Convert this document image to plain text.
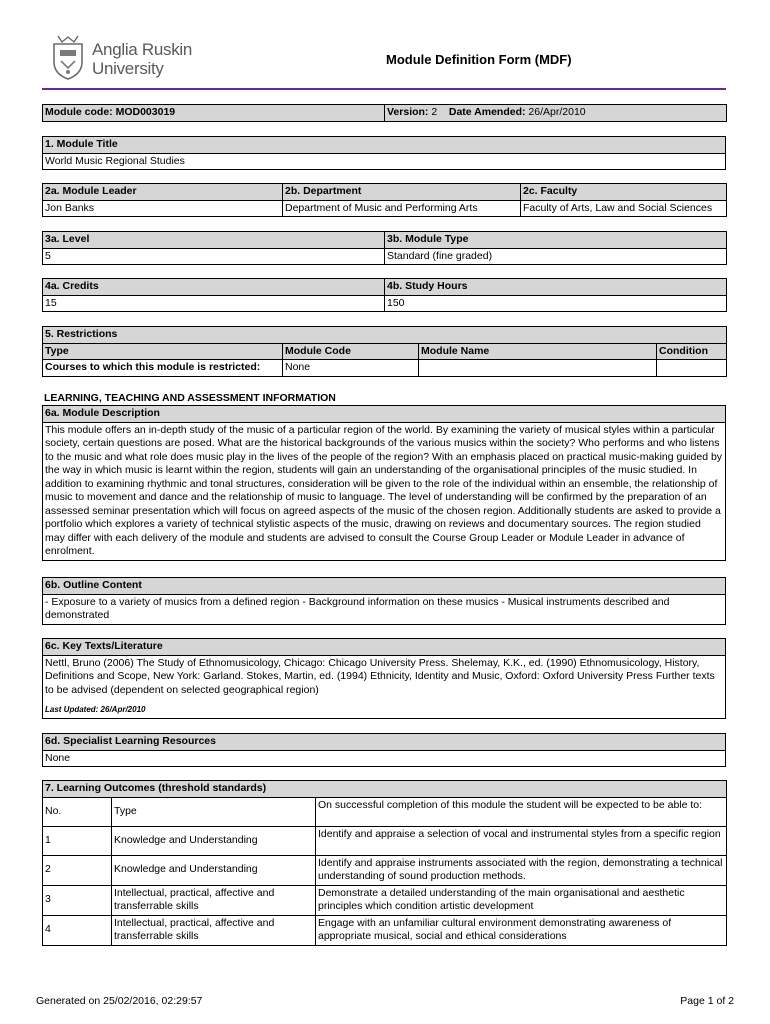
Anglia Ruskin
University	Module Definition Form (MDF)
Module code: MOD003019	Version: 2 Date Amended: 26/Apr/2010
1. Module Title
World Music Regional Studies
2a. Module Leader	2b. Department	2c. Faculty
Jon Banks	Department of Music and Performing Arts	Faculty of Arts, Law and Social Sciences
3a. Level	3b. Module Type
5	Standard (fine graded)
4a. Credits	4b. Study Hours
15	150
5. Restrictions			
Type	Module Code	Module Name	Condition
Courses to which this module is restricted:	None		
LEARNING, TEACHING AND ASSESSMENT INFORMATION
6a. Module Description
This module offers an in-depth study of the music of a particular region of the world. By examining the variety of musical styles within a particular society, certain questions are posed. What are the historical backgrounds of the various musics within the society? Who performs and who listens to the music and what role does music play in the lives of the people of the region? With an emphasis placed on practical music-making guided by the way in which music is learnt within the region, students will gain an understanding of the organisational principles of the music studied. In addition to examining rhythmic and tonal structures, consideration will be given to the role of the individual within an ensemble, the relationship of music to movement and dance and the relationship of music to language. The level of understanding will be confirmed by the preparation of an assessed seminar presentation which will focus on agreed aspects of the music of the chosen region. Additionally students are asked to provide a portfolio which explores a variety of technical stylistic aspects of the music, drawing on reviews and documentary sources. The region studied may differ with each delivery of the module and students are advised to consult the Course Group Leader or Module Leader in advance of enrolment.
6b. Outline Content
- Exposure to a variety of musics from a defined region - Background information on these musics - Musical instruments described and demonstrated
6c. Key Texts/Literature
Nettl, Bruno (2006) The Study of Ethnomusicology, Chicago: Chicago University Press. Shelemay, K.K., ed. (1990) Ethnomusicology, History, Definitions and Scope, New York: Garland. Stokes, Martin, ed. (1994) Ethnicity, Identity and Music, Oxford: Oxford University Press Further texts to be advised (dependent on selected geographical region)
Last Updated: 26/Apr/2010
6d. Specialist Learning Resources
None
7. Learning Outcomes (threshold standards)		
No.	Type	On successful completion of this module the student will be expected to be able to:
1	Knowledge and Understanding	Identify and appraise a selection of vocal and instrumental styles from a specific region
2	Knowledge and Understanding	Identify and appraise instruments associated with the region, demonstrating a technical understanding of sound production methods.
3	Intellectual, practical, affective and transferrable skills	Demonstrate a detailed understanding of the main organisational and aesthetic principles which condition artistic development
4	Intellectual, practical, affective and transferrable skills	Engage with an unfamiliar cultural environment demonstrating awareness of appropriate musical, social and ethical considerations
Generated on 25/02/2016, 02:29:57	Page 1 of 2
